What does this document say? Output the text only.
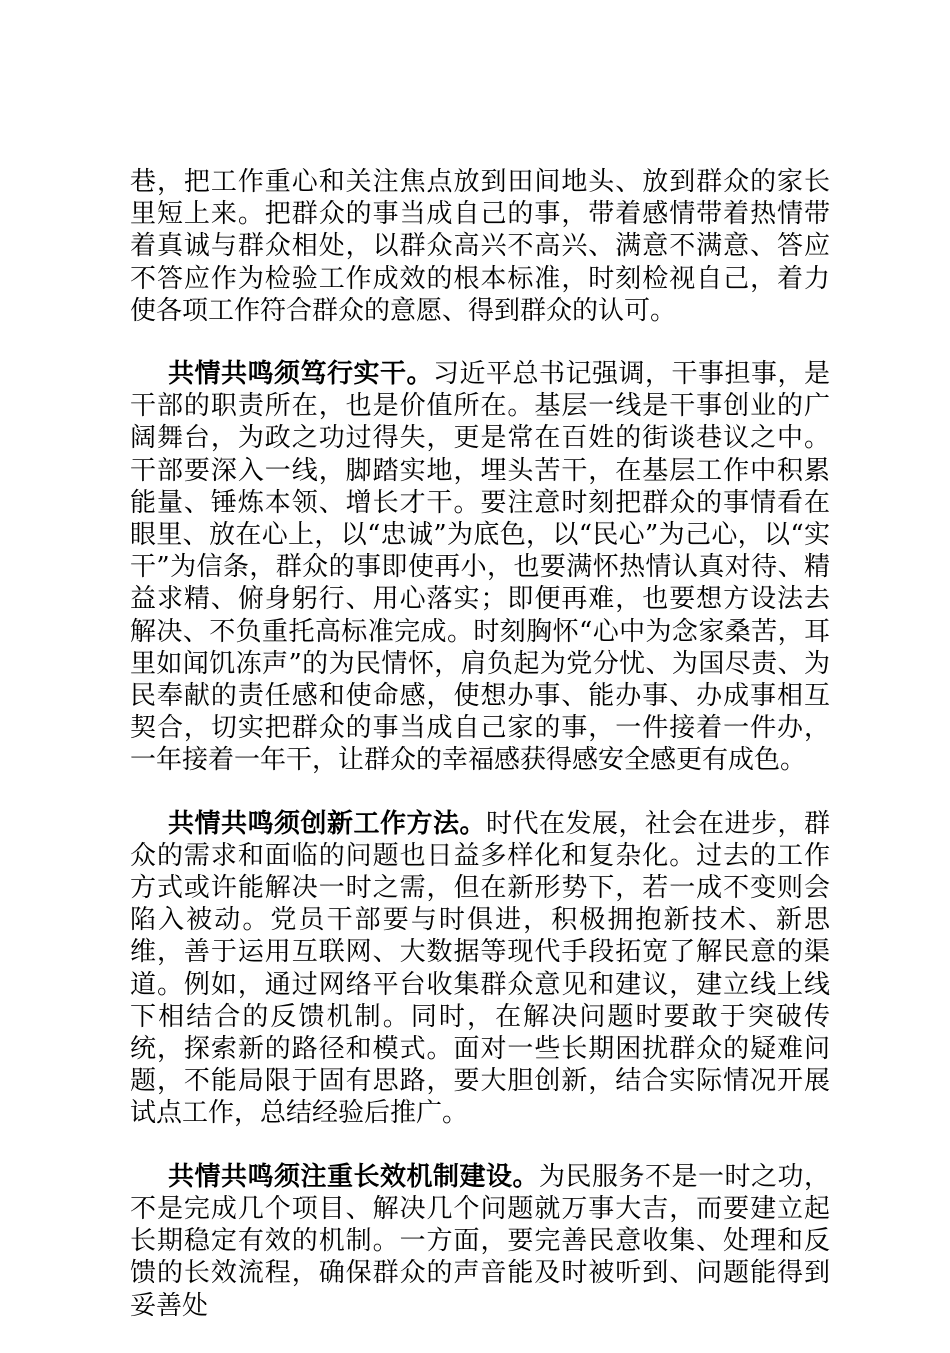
巷，把工作重心和关注焦点放到田间地头、放到群众的家长里短上来。把群众的事当成自己的事，带着感情带着热情带着真诚与群众相处，以群众高兴不高兴、满意不满意、答应不答应作为检验工作成效的根本标准，时刻检视自己，着力使各项工作符合群众的意愿、得到群众的认可。

共情共鸣须笃行实干。习近平总书记强调，干事担事，是干部的职责所在，也是价值所在。基层一线是干事创业的广阔舞台，为政之功过得失，更是常在百姓的街谈巷议之中。干部要深入一线，脚踏实地，埋头苦干，在基层工作中积累能量、锤炼本领、增长才干。要注意时刻把群众的事情看在眼里、放在心上，以“忠诚”为底色，以“民心”为己心，以“实干”为信条，群众的事即使再小，也要满怀热情认真对待、精益求精、俯身躬行、用心落实；即便再难，也要想方设法去解决、不负重托高标准完成。时刻胸怀“心中为念家桑苦，耳里如闻饥冻声”的为民情怀，肩负起为党分忧、为国尽责、为民奉献的责任感和使命感，使想办事、能办事、办成事相互契合，切实把群众的事当成自己家的事，一件接着一件办，一年接着一年干，让群众的幸福感获得感安全感更有成色。

共情共鸣须创新工作方法。时代在发展，社会在进步，群众的需求和面临的问题也日益多样化和复杂化。过去的工作方式或许能解决一时之需，但在新形势下，若一成不变则会陷入被动。党员干部要与时俱进，积极拥抱新技术、新思维，善于运用互联网、大数据等现代手段拓宽了解民意的渠道。例如，通过网络平台收集群众意见和建议，建立线上线下相结合的反馈机制。同时，在解决问题时要敢于突破传统，探索新的路径和模式。面对一些长期困扰群众的疑难问题，不能局限于固有思路，要大胆创新，结合实际情况开展试点工作，总结经验后推广。

共情共鸣须注重长效机制建设。为民服务不是一时之功，不是完成几个项目、解决几个问题就万事大吉，而要建立起长期稳定有效的机制。一方面，要完善民意收集、处理和反馈的长效流程，确保群众的声音能及时被听到、问题能得到妥善处
